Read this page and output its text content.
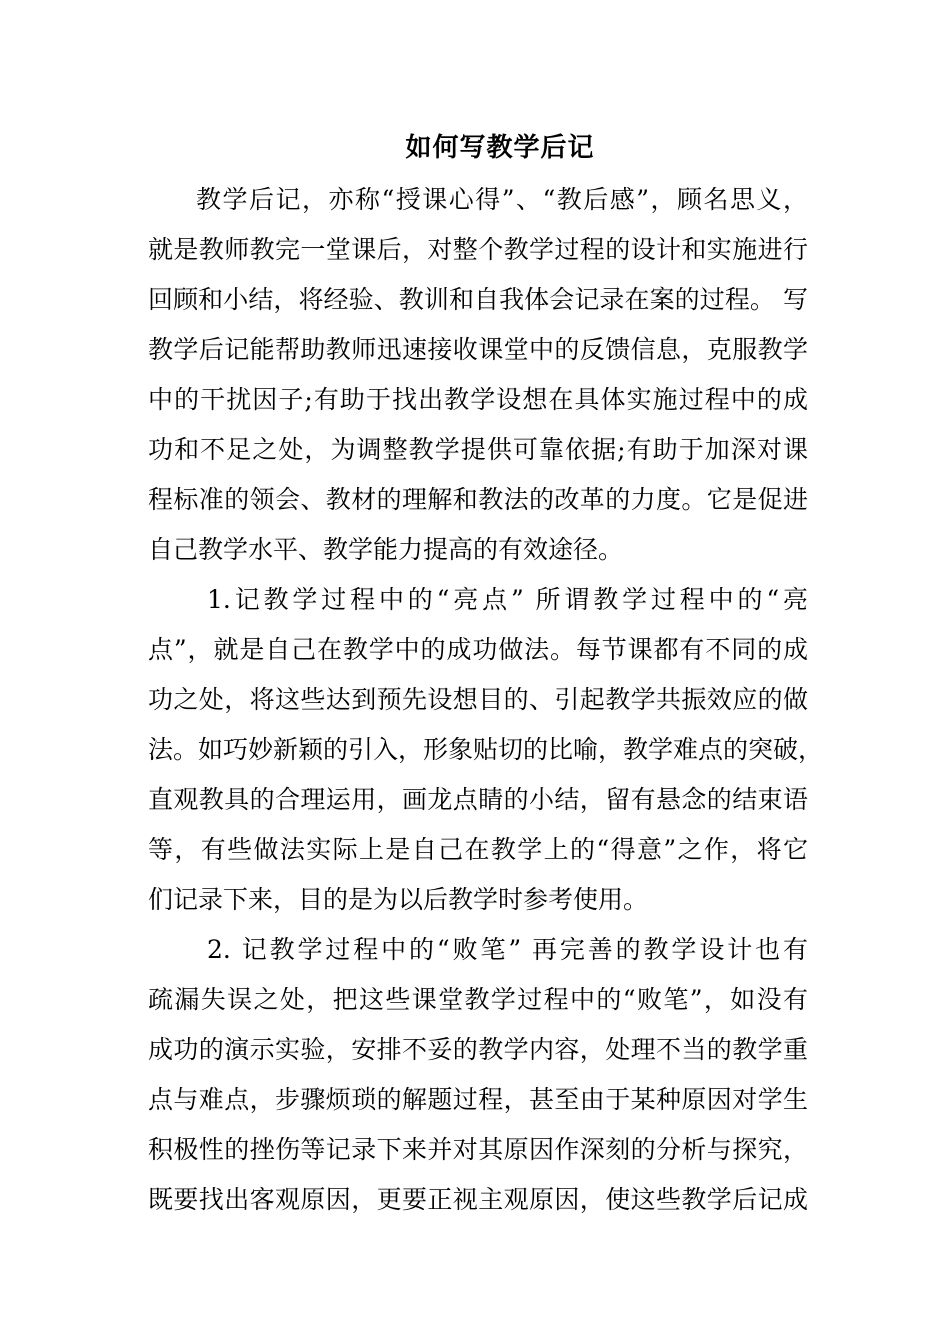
如何写教学后记

教学后记，亦称“授课心得”、“教后感”，顾名思义，

就是教师教完一堂课后，对整个教学过程的设计和实施进行

回顾和小结，将经验、教训和自我体会记录在案的过程。 写

教学后记能帮助教师迅速接收课堂中的反馈信息，克服教学

中的干扰因子;有助于找出教学设想在具体实施过程中的成

功和不足之处，为调整教学提供可靠依据;有助于加深对课

程标准的领会、教材的理解和教法的改革的力度。它是促进

自己教学水平、教学能力提高的有效途径。

1.记教学过程中的“亮点” 所谓教学过程中的“亮

点”，就是自己在教学中的成功做法。每节课都有不同的成

功之处，将这些达到预先设想目的、引起教学共振效应的做

法。如巧妙新颖的引入，形象贴切的比喻，教学难点的突破，

直观教具的合理运用，画龙点睛的小结，留有悬念的结束语

等，有些做法实际上是自己在教学上的“得意”之作，将它

们记录下来，目的是为以后教学时参考使用。

2. 记教学过程中的“败笔” 再完善的教学设计也有

疏漏失误之处，把这些课堂教学过程中的“败笔”，如没有

成功的演示实验，安排不妥的教学内容，处理不当的教学重

点与难点，步骤烦琐的解题过程，甚至由于某种原因对学生

积极性的挫伤等记录下来并对其原因作深刻的分析与探究，

既要找出客观原因，更要正视主观原因，使这些教学后记成
